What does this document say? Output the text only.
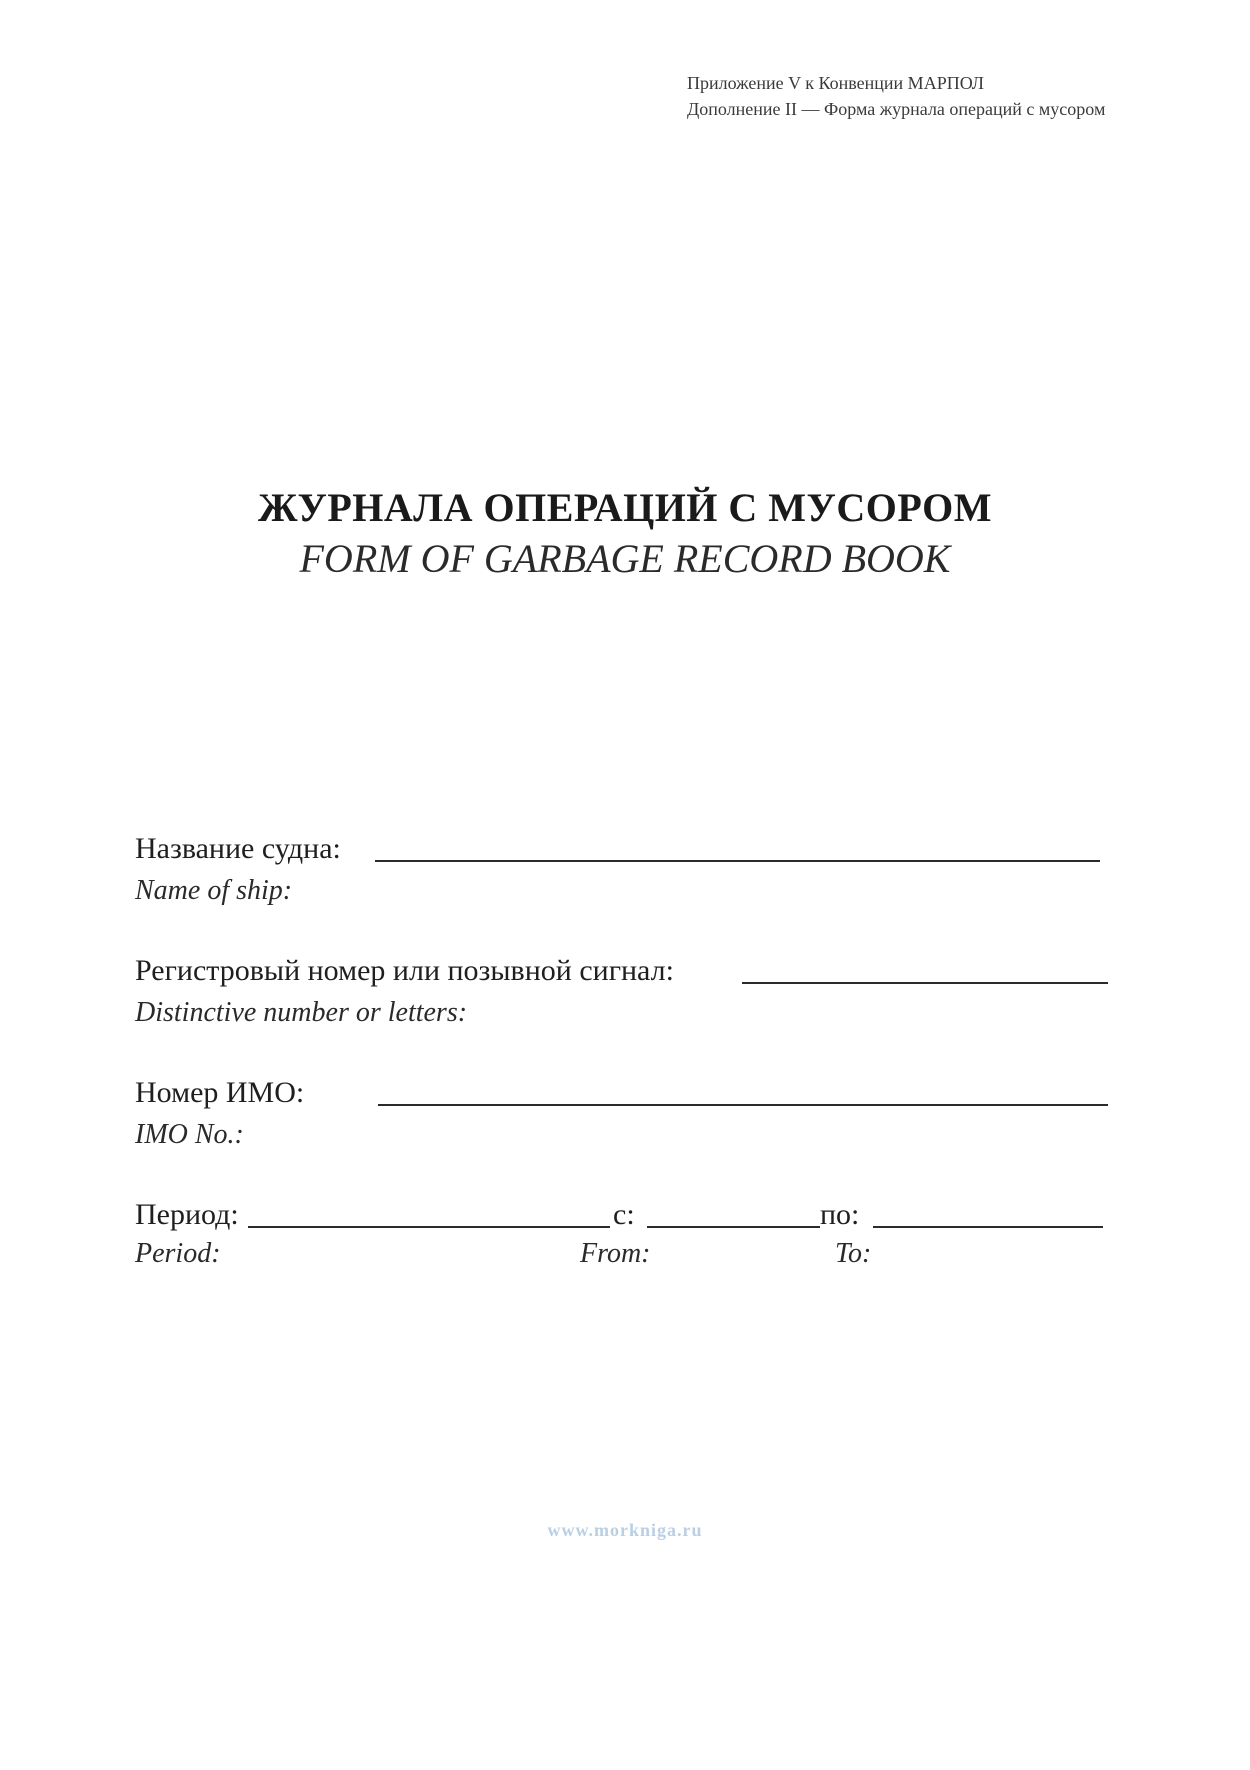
Приложение V к Конвенции МАРПОЛ
Дополнение II — Форма журнала операций с мусором
ЖУРНАЛА ОПЕРАЦИЙ С МУСОРОМ
FORM OF GARBAGE RECORD BOOK
Название судна:
Name of ship:
Регистровый номер или позывной сигнал:
Distinctive number or letters:
Номер ИМО:
IMO No.:
Период:	с:	по:
Period:	From:	To:
www.morkniga.ru
